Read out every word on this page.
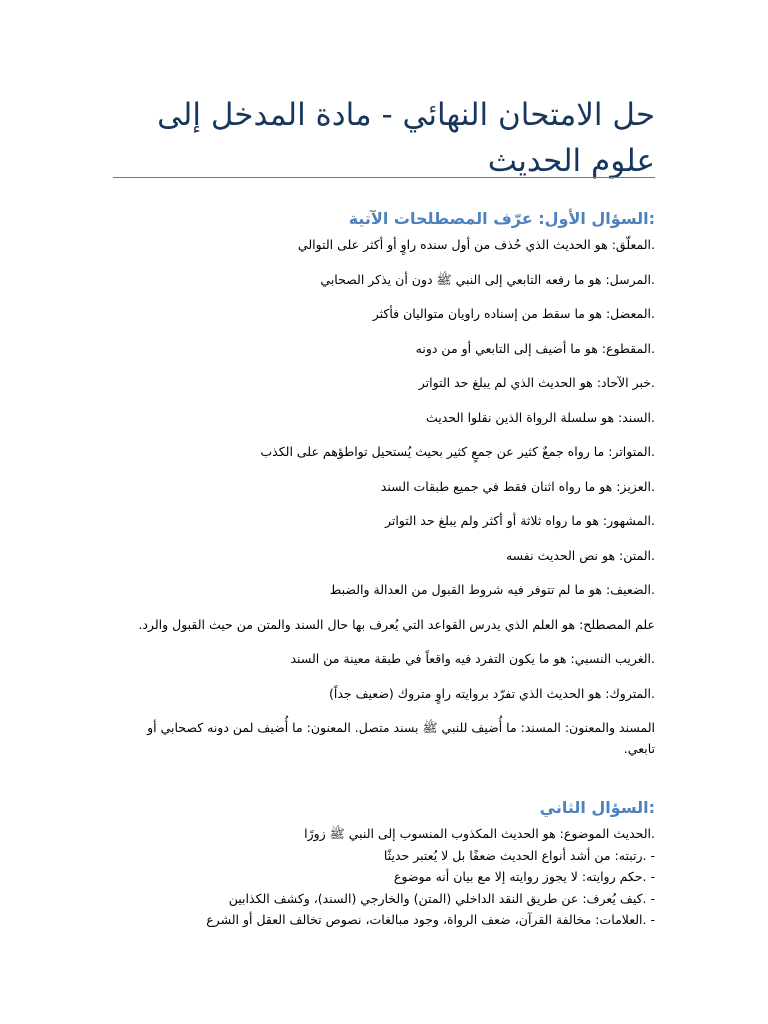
حل الامتحان النهائي - مادة المدخل إلى علوم الحديث
:السؤال الأول: عرّف المصطلحات الآتية
.المعلّق: هو الحديث الذي حُذف من أول سنده راوٍ أو أكثر على التوالي
.المرسل: هو ما رفعه التابعي إلى النبي ﷺ دون أن يذكر الصحابي
.المعضل: هو ما سقط من إسناده راويان متواليان فأكثر
.المقطوع: هو ما أضيف إلى التابعي أو من دونه
.خبر الآحاد: هو الحديث الذي لم يبلغ حد التواتر
.السند: هو سلسلة الرواة الذين نقلوا الحديث
.المتواتر: ما رواه جمعٌ كثير عن جمعٍ كثير بحيث يُستحيل تواطؤهم على الكذب
.العزيز: هو ما رواه اثنان فقط في جميع طبقات السند
.المشهور: هو ما رواه ثلاثة أو أكثر ولم يبلغ حد التواتر
.المتن: هو نص الحديث نفسه
.الضعيف: هو ما لم تتوفر فيه شروط القبول من العدالة والضبط
علم المصطلح: هو العلم الذي يدرس القواعد التي يُعرف بها حال السند والمتن من حيث القبول والرد.
.الغريب النسبي: هو ما يكون التفرد فيه واقعاً في طبقة معينة من السند
.المتروك: هو الحديث الذي تفرّد بروايته راوٍ متروك (ضعيف جداً)
المسند والمعنون: المسند: ما أُضيف للنبي ﷺ بسند متصل. المعنون: ما أُضيف لمن دونه كصحابي أو تابعي.
:السؤال الثاني
.الحديث الموضوع: هو الحديث المكذوب المنسوب إلى النبي ﷺ زورًا
- .رتبته: من أشد أنواع الحديث ضعفًا بل لا يُعتبر حديثًا
- .حكم روايته: لا يجوز روايته إلا مع بيان أنه موضوع
- .كيف يُعرف: عن طريق النقد الداخلي (المتن) والخارجي (السند)، وكشف الكذابين
- .العلامات: مخالفة القرآن، ضعف الرواة، وجود مبالغات، نصوص تخالف العقل أو الشرع
